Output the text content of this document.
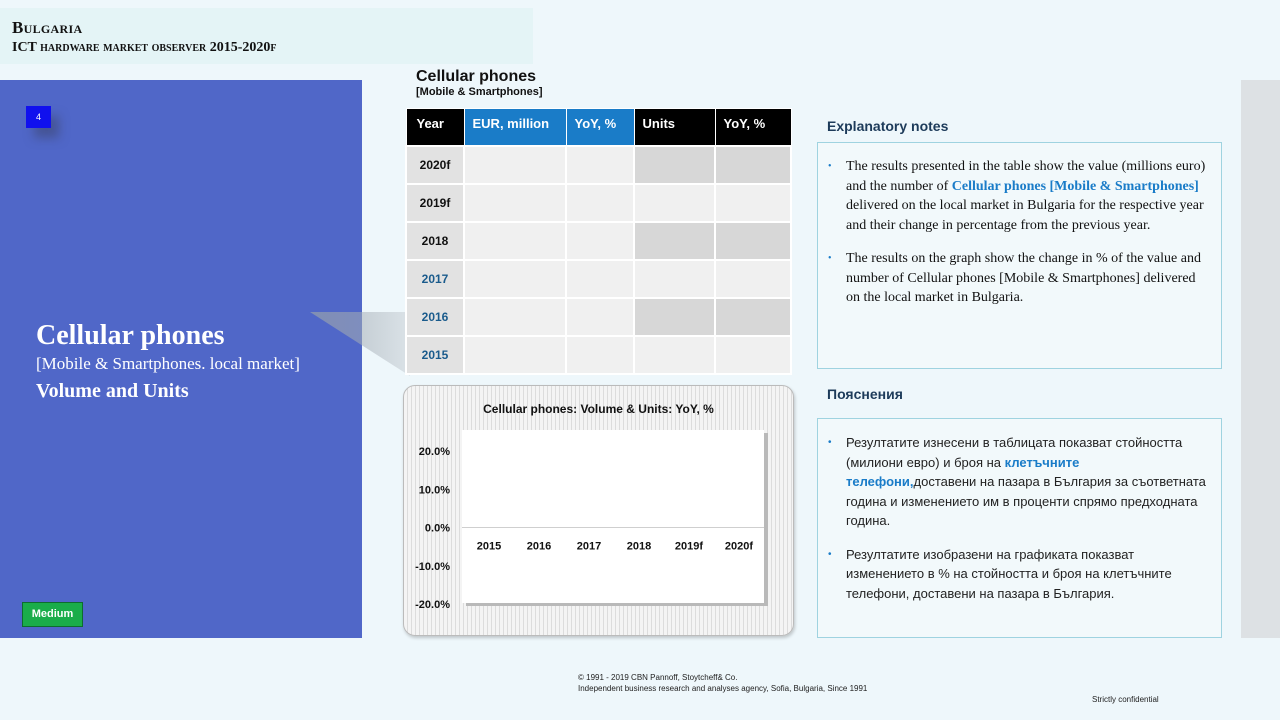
Bulgaria
ICT hardware market observer 2015-2020f
4
Cellular phones
[Mobile & Smartphones. local market]
Volume and Units
Medium
Cellular phones
[Mobile & Smartphones]
Year	EUR, million	YoY, %	Units	YoY, %
2020f				
2019f				
2018				
2017				
2016				
2015				
Cellular phones: Volume & Units: YoY, %
20.0%
10.0%
0.0%
-10.0%
-20.0%
2015 2016 2017 2018 2019f 2020f
Explanatory notes
• The results presented in the table show the value (millions euro) and the number of Cellular phones [Mobile & Smartphones] delivered on the local market in Bulgaria for the respective year and their change in percentage from the previous year.
• The results on the graph show the change in % of the value and number of Cellular phones [Mobile & Smartphones] delivered on the local market in Bulgaria.
Пояснения
• Резултатите изнесени в таблицата показват стойността (милиони евро) и броя на клетъчните телефони,доставени на пазара в България за съответната година и изменението им в проценти спрямо предходната година.
• Резултатите изобразени на графиката показват изменението в % на стойността и броя на клетъчните телефони, доставени на пазара в България.
© 1991 - 2019 CBN Pannoff, Stoytcheff& Co.
Independent business research and analyses agency, Sofia, Bulgaria, Since 1991
Strictly confidential
